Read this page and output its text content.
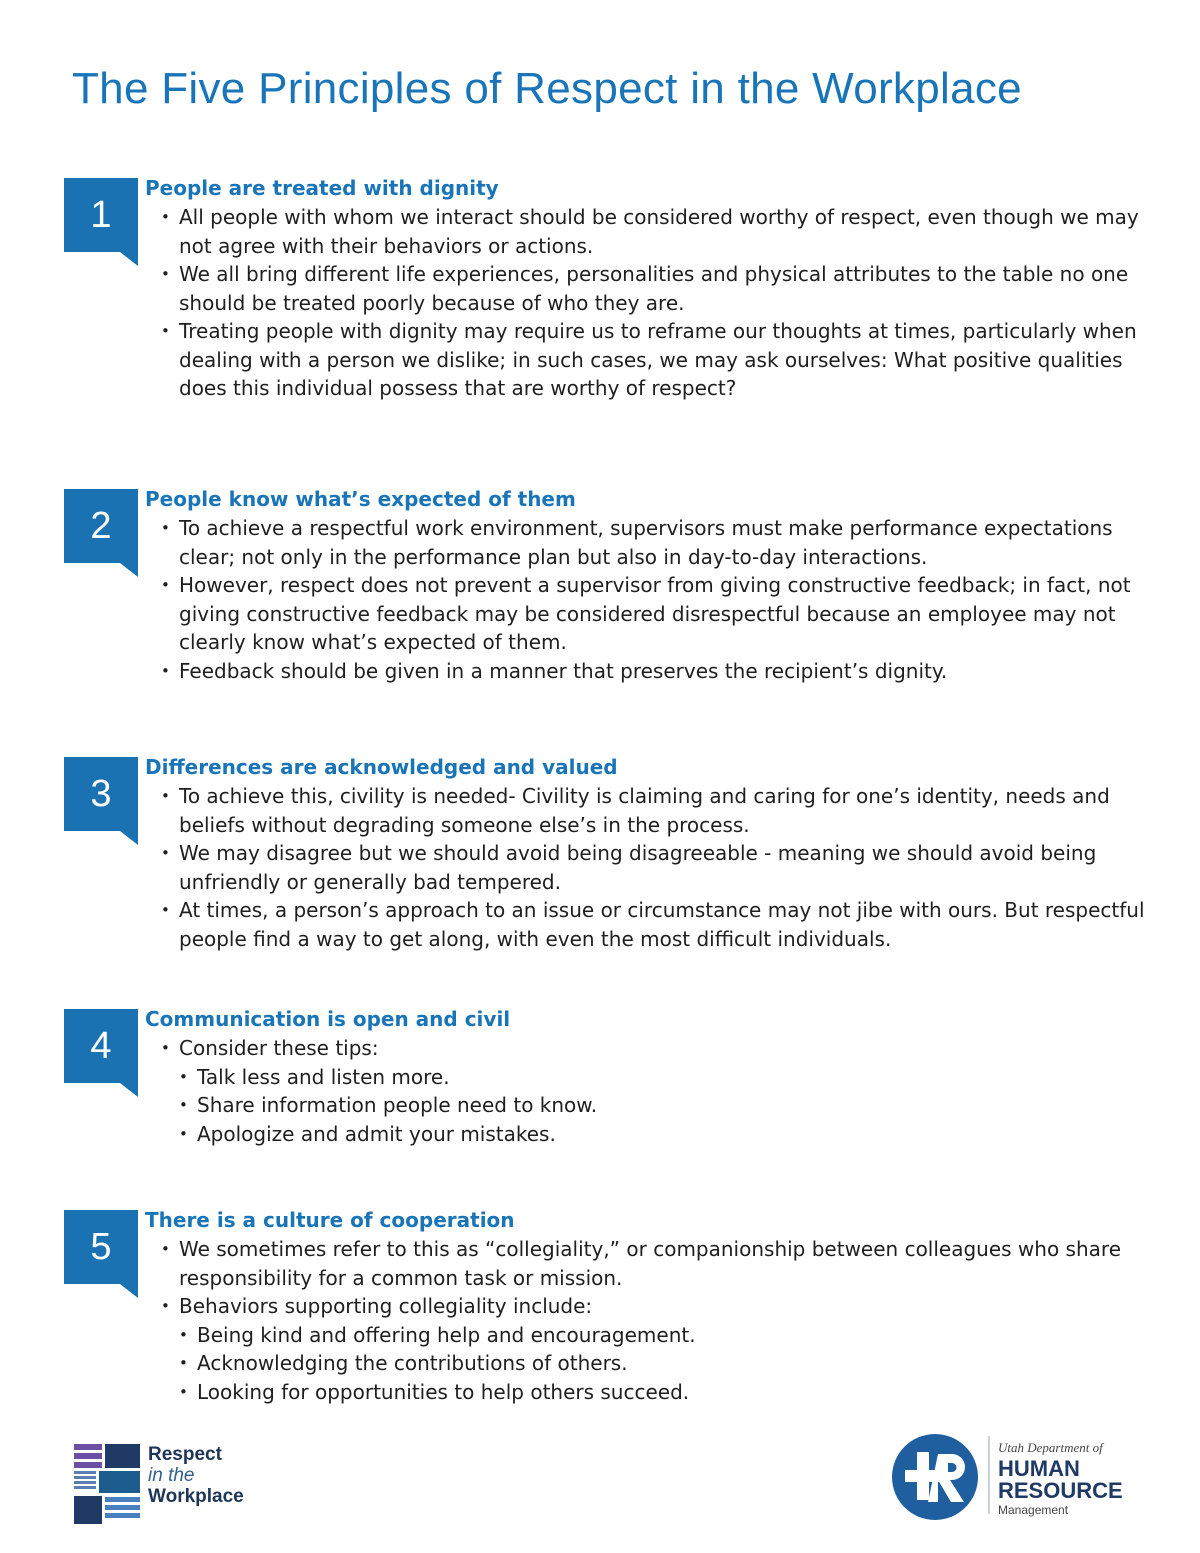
The Five Principles of Respect in the Workplace
1
People are treated with dignity
• All people with whom we interact should be considered worthy of respect, even though we may not agree with their behaviors or actions.
• We all bring different life experiences, personalities and physical attributes to the table no one should be treated poorly because of who they are.
• Treating people with dignity may require us to reframe our thoughts at times, particularly when dealing with a person we dislike; in such cases, we may ask ourselves: What positive qualities does this individual possess that are worthy of respect?
2
People know what’s expected of them
• To achieve a respectful work environment, supervisors must make performance expectations clear; not only in the performance plan but also in day-to-day interactions.
• However, respect does not prevent a supervisor from giving constructive feedback; in fact, not giving constructive feedback may be considered disrespectful because an employee may not clearly know what’s expected of them.
• Feedback should be given in a manner that preserves the recipient’s dignity.
3
Differences are acknowledged and valued
• To achieve this, civility is needed- Civility is claiming and caring for one’s identity, needs and beliefs without degrading someone else’s in the process.
• We may disagree but we should avoid being disagreeable - meaning we should avoid being unfriendly or generally bad tempered.
• At times, a person’s approach to an issue or circumstance may not jibe with ours. But respectful people find a way to get along, with even the most difficult individuals.
4
Communication is open and civil
• Consider these tips:
• Talk less and listen more.
• Share information people need to know.
• Apologize and admit your mistakes.
5
There is a culture of cooperation
• We sometimes refer to this as “collegiality,” or companionship between colleagues who share responsibility for a common task or mission.
• Behaviors supporting collegiality include:
• Being kind and offering help and encouragement.
• Acknowledging the contributions of others.
• Looking for opportunities to help others succeed.
Respect
in the
Workplace
Utah Department of
HUMAN
RESOURCE
Management
